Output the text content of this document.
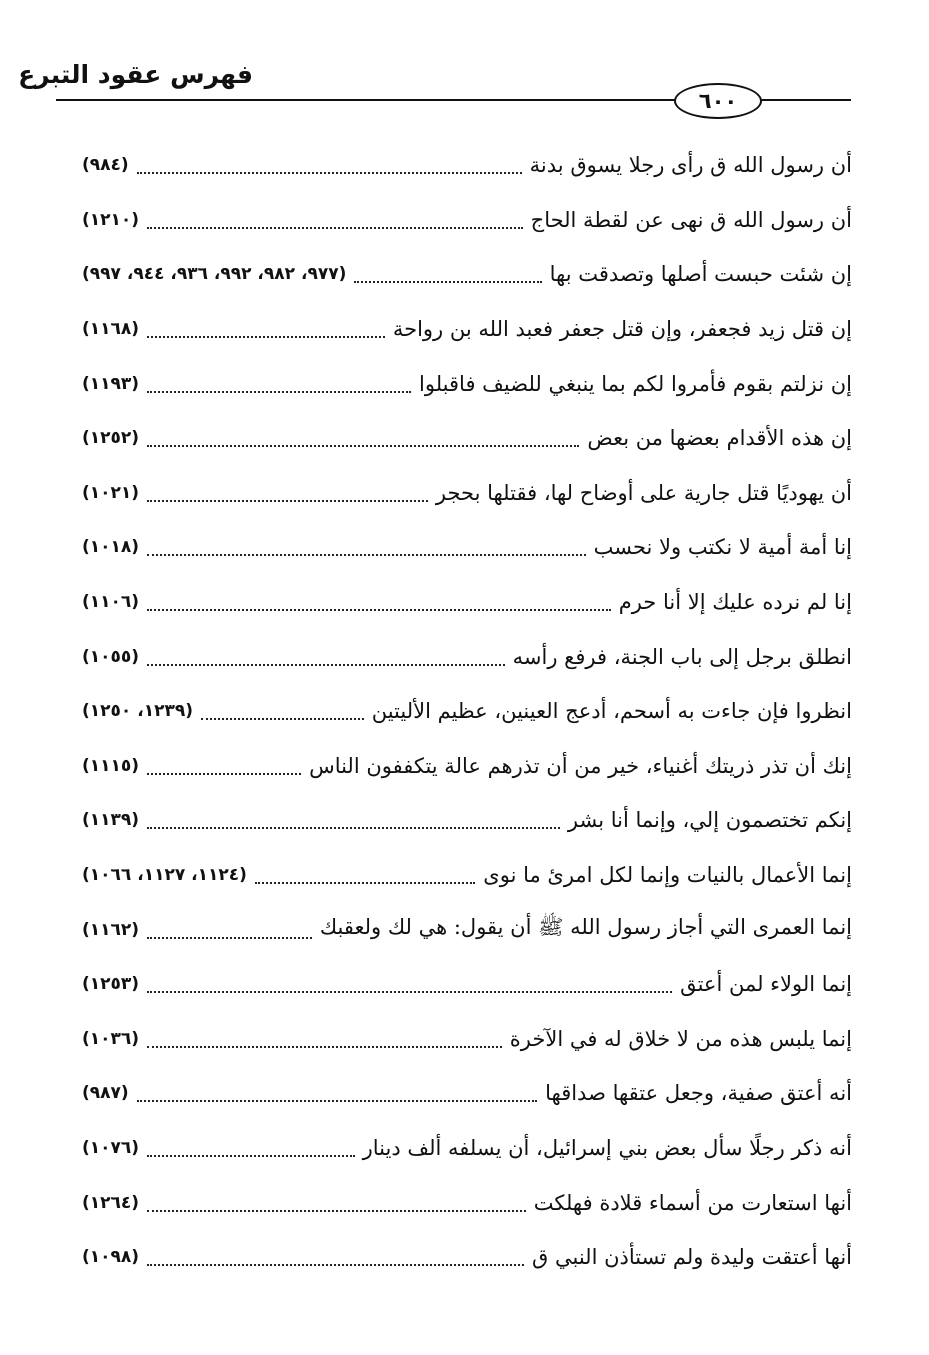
فهرس عقود التبرع
٦٠٠
أن رسول الله ق رأى رجلا يسوق بدنة
(٩٨٤)
أن رسول الله ق نهى عن لقطة الحاج
(١٢١٠)
إن شئت حبست أصلها وتصدقت بها
(٩٧٧، ٩٨٢، ٩٩٢، ٩٣٦، ٩٤٤، ٩٩٧)
إن قتل زيد فجعفر، وإن قتل جعفر فعبد الله بن رواحة
(١١٦٨)
إن نزلتم بقوم فأمروا لكم بما ينبغي للضيف فاقبلوا
(١١٩٣)
إن هذه الأقدام بعضها من بعض
(١٢٥٢)
أن يهوديًا قتل جارية على أوضاح لها، فقتلها بحجر
(١٠٢١)
إنا أمة أمية لا نكتب ولا نحسب
(١٠١٨)
إنا لم نرده عليك إلا أنا حرم
(١١٠٦)
انطلق برجل إلى باب الجنة، فرفع رأسه
(١٠٥٥)
انظروا فإن جاءت به أسحم، أدعج العينين، عظيم الأليتين
(١٢٣٩، ١٢٥٠)
إنك أن تذر ذريتك أغنياء، خير من أن تذرهم عالة يتكففون الناس
(١١١٥)
إنكم تختصمون إلي، وإنما أنا بشر
(١١٣٩)
إنما الأعمال بالنيات وإنما لكل امرئ ما نوى
(١١٢٤، ١١٢٧، ١٠٦٦)
إنما العمرى التي أجاز رسول الله ﷺ أن يقول: هي لك ولعقبك
(١١٦٢)
إنما الولاء لمن أعتق
(١٢٥٣)
إنما يلبس هذه من لا خلاق له في الآخرة
(١٠٣٦)
أنه أعتق صفية، وجعل عتقها صداقها
(٩٨٧)
أنه ذكر رجلًا سأل بعض بني إسرائيل، أن يسلفه ألف دينار
(١٠٧٦)
أنها استعارت من أسماء قلادة فهلكت
(١٢٦٤)
أنها أعتقت وليدة ولم تستأذن النبي ق
(١٠٩٨)
